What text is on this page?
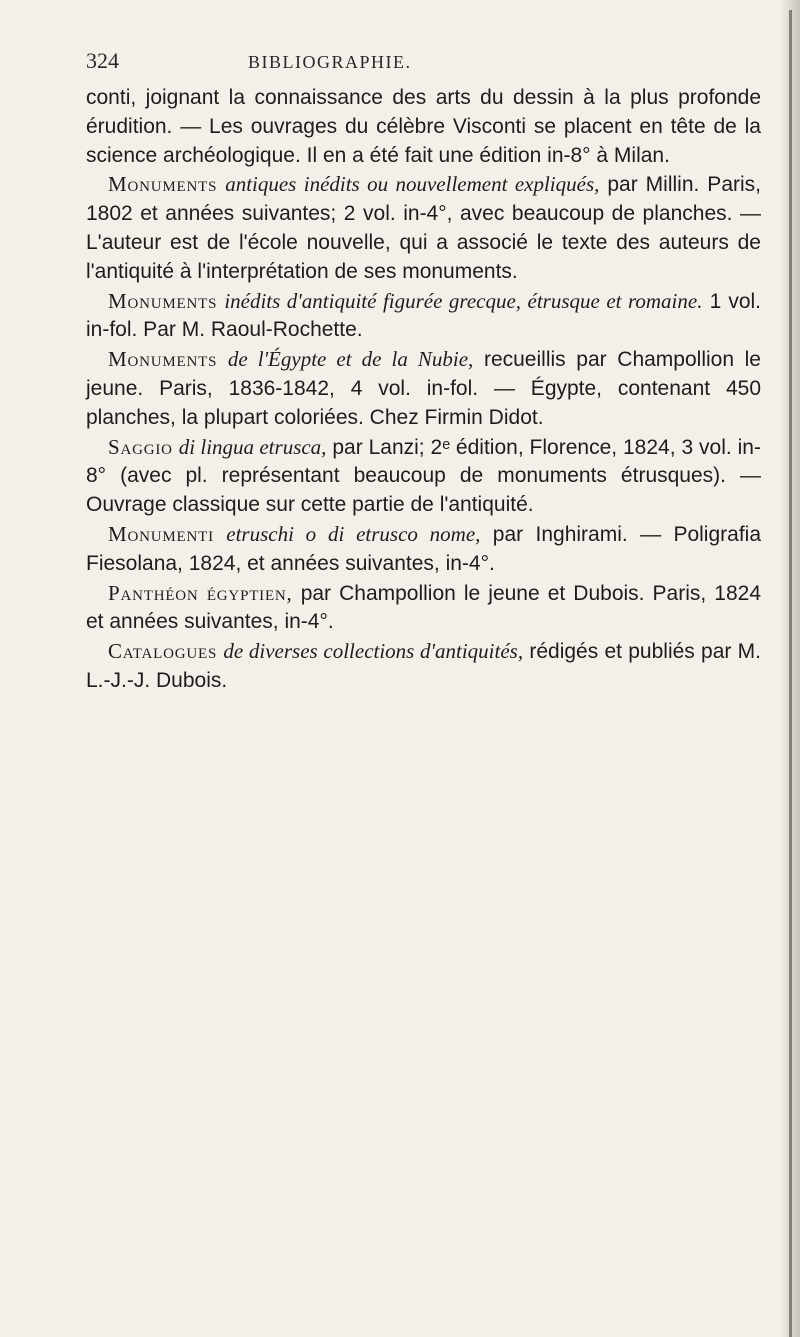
324	BIBLIOGRAPHIE.

conti, joignant la connaissance des arts du dessin à la plus profonde érudition. — Les ouvrages du célèbre Visconti se placent en tête de la science archéologique. Il en a été fait une édition in-8° à Milan.

Monuments antiques inédits ou nouvellement expliqués, par Millin. Paris, 1802 et années suivantes; 2 vol. in-4°, avec beaucoup de planches. — L'auteur est de l'école nouvelle, qui a associé le texte des auteurs de l'antiquité à l'interprétation de ses monuments.

Monuments inédits d'antiquité figurée grecque, étrusque et romaine. 1 vol. in-fol. Par M. Raoul-Rochette.

Monuments de l'Égypte et de la Nubie, recueillis par Champollion le jeune. Paris, 1836-1842, 4 vol. in-fol. — Égypte, contenant 450 planches, la plupart coloriées. Chez Firmin Didot.

Saggio di lingua etrusca, par Lanzi; 2ᵉ édition, Florence, 1824, 3 vol. in-8° (avec pl. représentant beaucoup de monuments étrusques). — Ouvrage classique sur cette partie de l'antiquité.

Monumenti etruschi o di etrusco nome, par Inghirami. — Poligrafia Fiesolana, 1824, et années suivantes, in-4°.

Panthéon égyptien, par Champollion le jeune et Dubois. Paris, 1824 et années suivantes, in-4°.

Catalogues de diverses collections d'antiquités, rédigés et publiés par M. L.-J.-J. Dubois.
